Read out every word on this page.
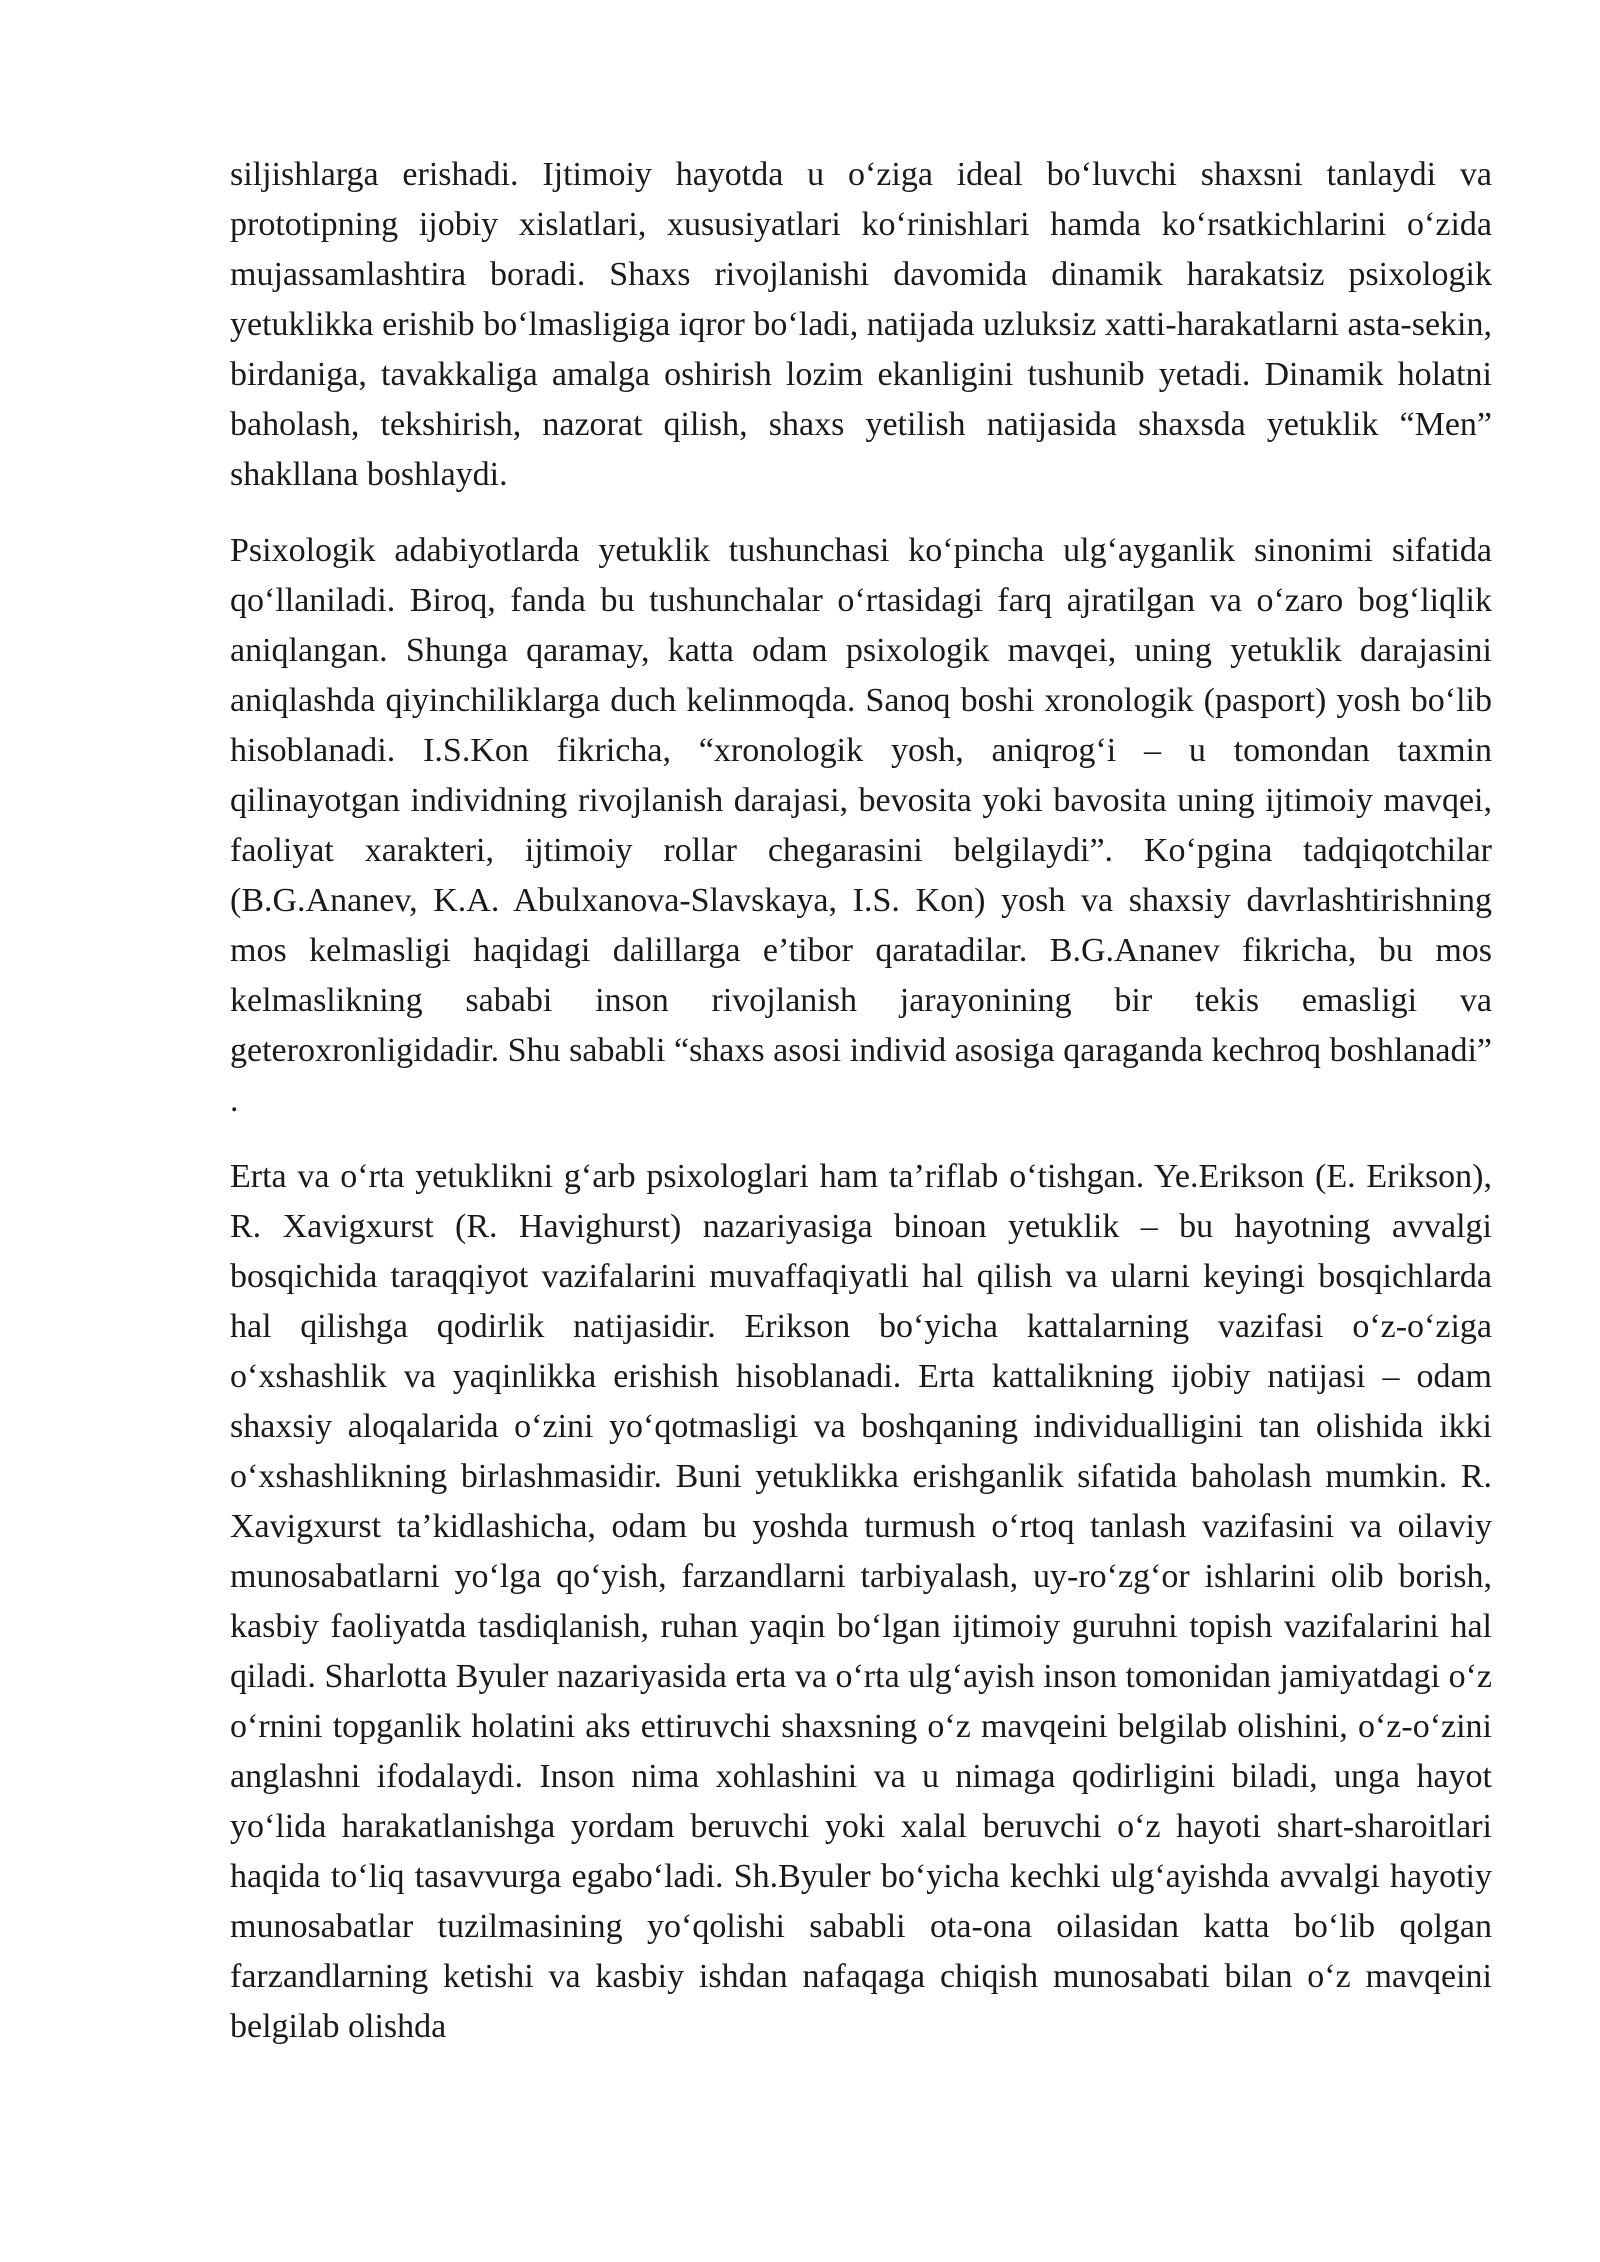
siljishlarga erishadi. Ijtimoiy hayotda u o‘ziga ideal bo‘luvchi shaxsni tanlaydi va prototipning ijobiy xislatlari, xususiyatlari ko‘rinishlari hamda ko‘rsatkichlarini o‘zida mujassamlashtira boradi. Shaxs rivojlanishi davomida dinamik harakatsiz psixologik yetuklikka erishib bo‘lmasligiga iqror bo‘ladi, natijada uzluksiz xatti-harakatlarni asta-sekin, birdaniga, tavakkaliga amalga oshirish lozim ekanligini tushunib yetadi. Dinamik holatni baholash, tekshirish, nazorat qilish, shaxs yetilish natijasida shaxsda yetuklik “Men” shakllana boshlaydi.

Psixologik adabiyotlarda yetuklik tushunchasi ko‘pincha ulg‘ayganlik sinonimi sifatida qo‘llaniladi. Biroq, fanda bu tushunchalar o‘rtasidagi farq ajratilgan va o‘zaro bog‘liqlik aniqlangan. Shunga qaramay, katta odam psixologik mavqei, uning yetuklik darajasini aniqlashda qiyinchiliklarga duch kelinmoqda. Sanoq boshi xronologik (pasport) yosh bo‘lib hisoblanadi. I.S.Kon fikricha, “xronologik yosh, aniqrog‘i – u tomondan taxmin qilinayotgan individning rivojlanish darajasi, bevosita yoki bavosita uning ijtimoiy mavqei, faoliyat xarakteri, ijtimoiy rollar chegarasini belgilaydi”. Ko‘pgina tadqiqotchilar (B.G.Ananev, K.A. Abulxanova-Slavskaya, I.S. Kon) yosh va shaxsiy davrlashtirishning mos kelmasligi haqidagi dalillarga e’tibor qaratadilar. B.G.Ananev fikricha, bu mos kelmaslikning sababi inson rivojlanish jarayonining bir tekis emasligi va geteroxronligidadir. Shu sababli “shaxs asosi individ asosiga qaraganda kechroq boshlanadi” .

Erta va o‘rta yetuklikni g‘arb psixologlari ham ta’riflab o‘tishgan. Ye.Erikson (E. Erikson), R. Xavigxurst (R. Havighurst) nazariyasiga binoan yetuklik – bu hayotning avvalgi bosqichida taraqqiyot vazifalarini muvaffaqiyatli hal qilish va ularni keyingi bosqichlarda hal qilishga qodirlik natijasidir. Erikson bo‘yicha kattalarning vazifasi o‘z-o‘ziga o‘xshashlik va yaqinlikka erishish hisoblanadi. Erta kattalikning ijobiy natijasi – odam shaxsiy aloqalarida o‘zini yo‘qotmasligi va boshqaning individualligini tan olishida ikki o‘xshashlikning birlashmasidir. Buni yetuklikka erishganlik sifatida baholash mumkin. R. Xavigxurst ta’kidlashicha, odam bu yoshda turmush o‘rtoq tanlash vazifasini va oilaviy munosabatlarni yo‘lga qo‘yish, farzandlarni tarbiyalash, uy-ro‘zg‘or ishlarini olib borish, kasbiy faoliyatda tasdiqlanish, ruhan yaqin bo‘lgan ijtimoiy guruhni topish vazifalarini hal qiladi. Sharlotta Byuler nazariyasida erta va o‘rta ulg‘ayish inson tomonidan jamiyatdagi o‘z o‘rnini topganlik holatini aks ettiruvchi shaxsning o‘z mavqeini belgilab olishini, o‘z-o‘zini anglashni ifodalaydi. Inson nima xohlashini va u nimaga qodirligini biladi, unga hayot yo‘lida harakatlanishga yordam beruvchi yoki xalal beruvchi o‘z hayoti shart-sharoitlari haqida to‘liq tasavvurga egabo‘ladi. Sh.Byuler bo‘yicha kechki ulg‘ayishda avvalgi hayotiy munosabatlar tuzilmasining yo‘qolishi sababli ota-ona oilasidan katta bo‘lib qolgan farzandlarning ketishi va kasbiy ishdan nafaqaga chiqish munosabati bilan o‘z mavqeini belgilab olishda
